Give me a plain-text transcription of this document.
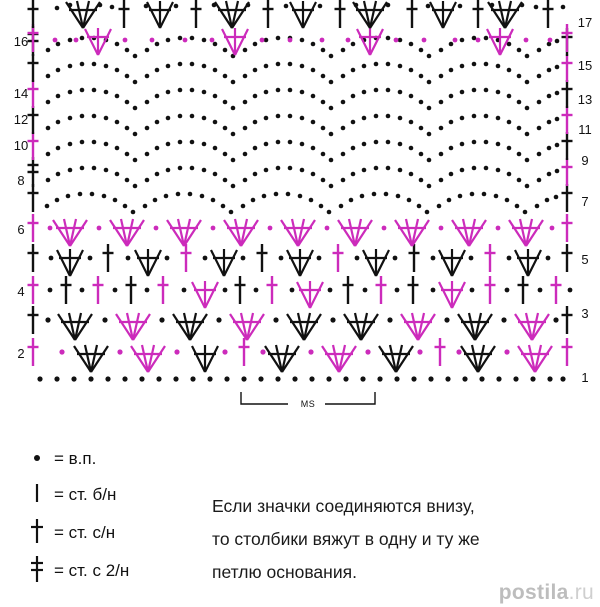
MS
16
14
12
10
8
6
4
2
17
15
13
11
9
7
5
3
1
= в.п.
= ст. б/н
= ст. с/н
= ст. с 2/н
Если значки соединяются внизу,
то столбики вяжут в одну и ту же
петлю основания.
postila.ru
